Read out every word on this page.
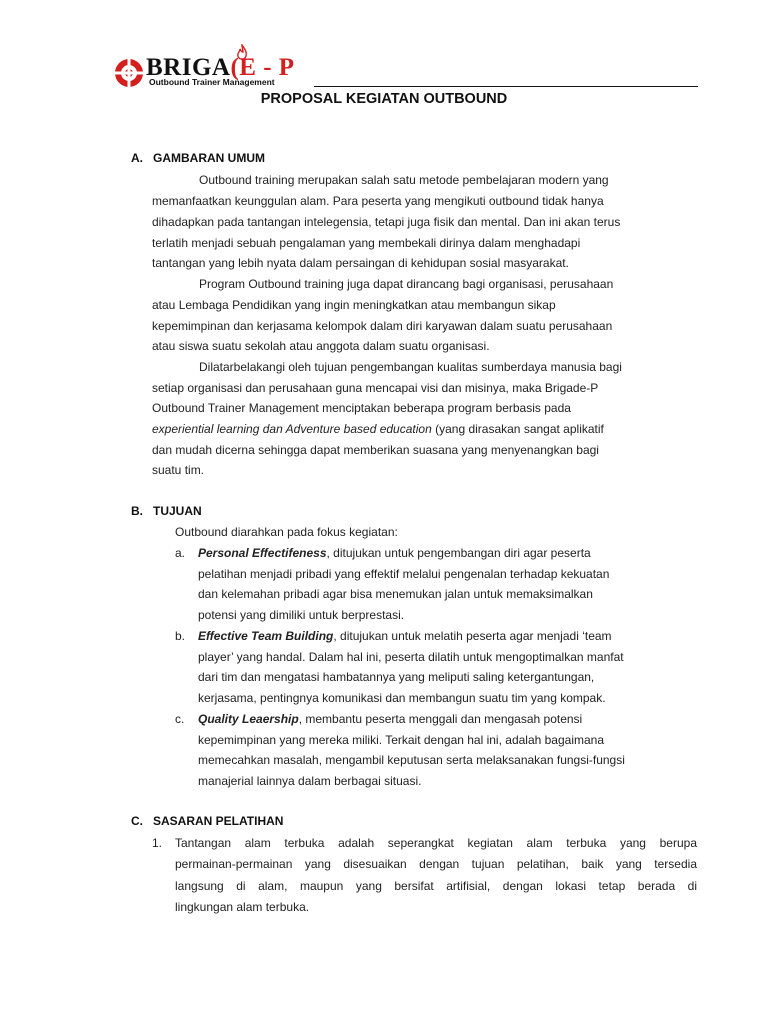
BRIGA(E - P
Outbound Trainer Management
PROPOSAL KEGIATAN OUTBOUND
A. GAMBARAN UMUM
Outbound training merupakan salah satu metode pembelajaran modern yang
memanfaatkan keunggulan alam. Para peserta yang mengikuti outbound tidak hanya
dihadapkan pada tantangan intelegensia, tetapi juga fisik dan mental. Dan ini akan terus
terlatih menjadi sebuah pengalaman yang membekali dirinya dalam menghadapi
tantangan yang lebih nyata dalam persaingan di kehidupan sosial masyarakat.
Program Outbound training juga dapat dirancang bagi organisasi, perusahaan
atau Lembaga Pendidikan yang ingin meningkatkan atau membangun sikap
kepemimpinan dan kerjasama kelompok dalam diri karyawan dalam suatu perusahaan
atau siswa suatu sekolah atau anggota dalam suatu organisasi.
Dilatarbelakangi oleh tujuan pengembangan kualitas sumberdaya manusia bagi
setiap organisasi dan perusahaan guna mencapai visi dan misinya, maka Brigade-P
Outbound Trainer Management menciptakan beberapa program berbasis pada
experiential learning dan Adventure based education (yang dirasakan sangat aplikatif
dan mudah dicerna sehingga dapat memberikan suasana yang menyenangkan bagi
suatu tim.
B. TUJUAN
Outbound diarahkan pada fokus kegiatan:
a. Personal Effectifeness, ditujukan untuk pengembangan diri agar peserta
pelatihan menjadi pribadi yang effektif melalui pengenalan terhadap kekuatan
dan kelemahan pribadi agar bisa menemukan jalan untuk memaksimalkan
potensi yang dimiliki untuk berprestasi.
b. Effective Team Building, ditujukan untuk melatih peserta agar menjadi ‘team
player’ yang handal. Dalam hal ini, peserta dilatih untuk mengoptimalkan manfat
dari tim dan mengatasi hambatannya yang meliputi saling ketergantungan,
kerjasama, pentingnya komunikasi dan membangun suatu tim yang kompak.
c. Quality Leaership, membantu peserta menggali dan mengasah potensi
kepemimpinan yang mereka miliki. Terkait dengan hal ini, adalah bagaimana
memecahkan masalah, mengambil keputusan serta melaksanakan fungsi-fungsi
manajerial lainnya dalam berbagai situasi.
C. SASARAN PELATIHAN
1. Tantangan alam terbuka adalah seperangkat kegiatan alam terbuka yang berupa
permainan-permainan yang disesuaikan dengan tujuan pelatihan, baik yang tersedia
langsung di alam, maupun yang bersifat artifisial, dengan lokasi tetap berada di
lingkungan alam terbuka.
